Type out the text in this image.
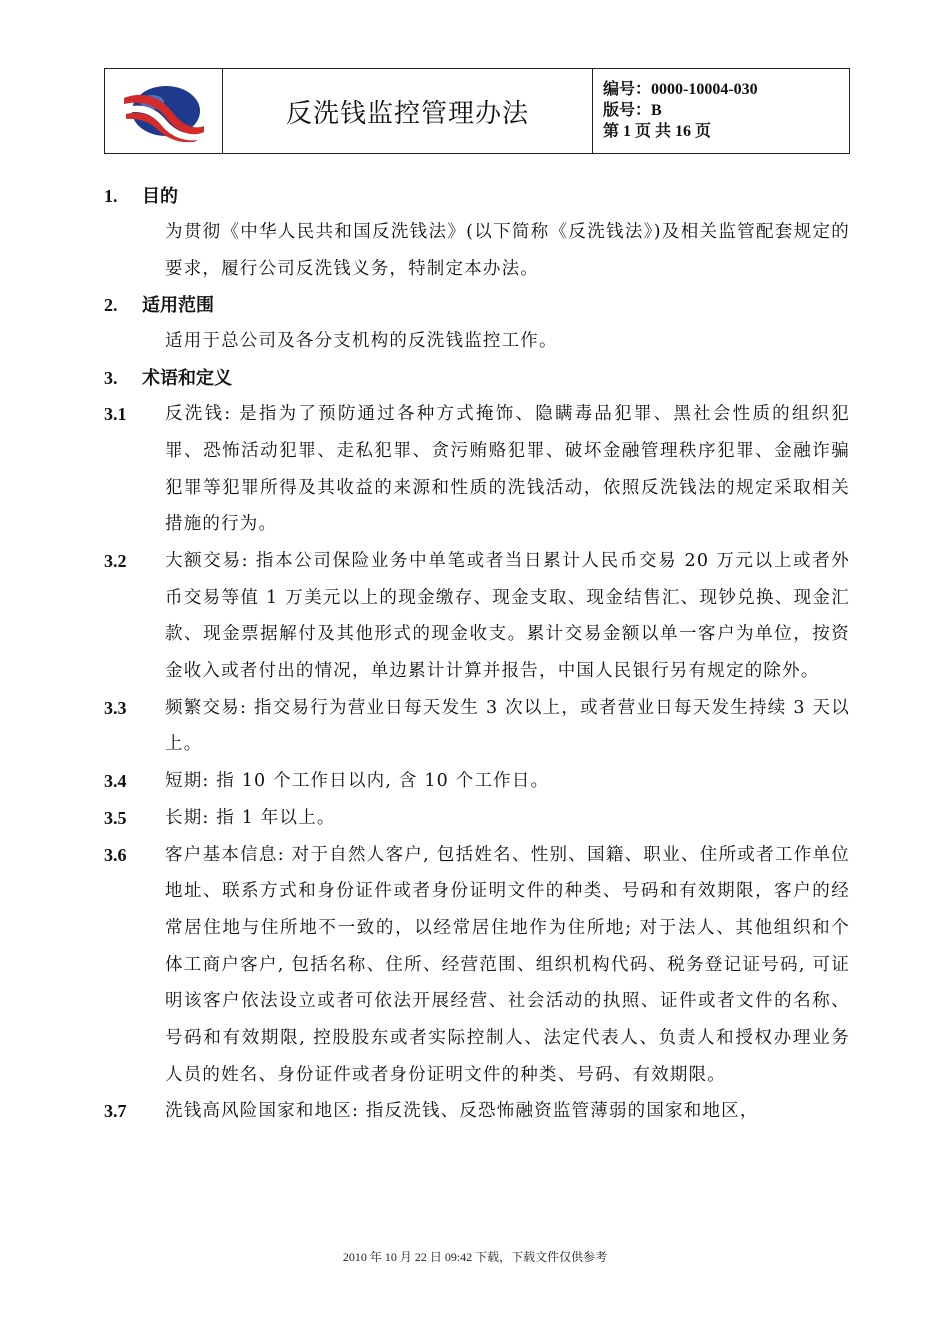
反洗钱监控管理办法
编号：0000-10004-030
版号：B
第 1 页 共 16 页
1. 目的
为贯彻《中华人民共和国反洗钱法》(以下简称《反洗钱法》)及相关监管配套规定的要求，履行公司反洗钱义务，特制定本办法。
2. 适用范围
适用于总公司及各分支机构的反洗钱监控工作。
3. 术语和定义
3.1	反洗钱: 是指为了预防通过各种方式掩饰、隐瞒毒品犯罪、黑社会性质的组织犯罪、恐怖活动犯罪、走私犯罪、贪污贿赂犯罪、破坏金融管理秩序犯罪、金融诈骗犯罪等犯罪所得及其收益的来源和性质的洗钱活动，依照反洗钱法的规定采取相关措施的行为。
3.2	大额交易: 指本公司保险业务中单笔或者当日累计人民币交易 20 万元以上或者外币交易等值 1 万美元以上的现金缴存、现金支取、现金结售汇、现钞兑换、现金汇款、现金票据解付及其他形式的现金收支。累计交易金额以单一客户为单位，按资金收入或者付出的情况，单边累计计算并报告，中国人民银行另有规定的除外。
3.3	频繁交易: 指交易行为营业日每天发生 3 次以上，或者营业日每天发生持续 3 天以上。
3.4	短期: 指 10 个工作日以内, 含 10 个工作日。
3.5	长期: 指 1 年以上。
3.6	客户基本信息: 对于自然人客户, 包括姓名、性别、国籍、职业、住所或者工作单位地址、联系方式和身份证件或者身份证明文件的种类、号码和有效期限，客户的经常居住地与住所地不一致的，以经常居住地作为住所地; 对于法人、其他组织和个体工商户客户, 包括名称、住所、经营范围、组织机构代码、税务登记证号码, 可证明该客户依法设立或者可依法开展经营、社会活动的执照、证件或者文件的名称、号码和有效期限, 控股股东或者实际控制人、法定代表人、负责人和授权办理业务人员的姓名、身份证件或者身份证明文件的种类、号码、有效期限。
3.7	洗钱高风险国家和地区: 指反洗钱、反恐怖融资监管薄弱的国家和地区，
2010 年 10 月 22 日 09:42 下载，下载文件仅供参考
